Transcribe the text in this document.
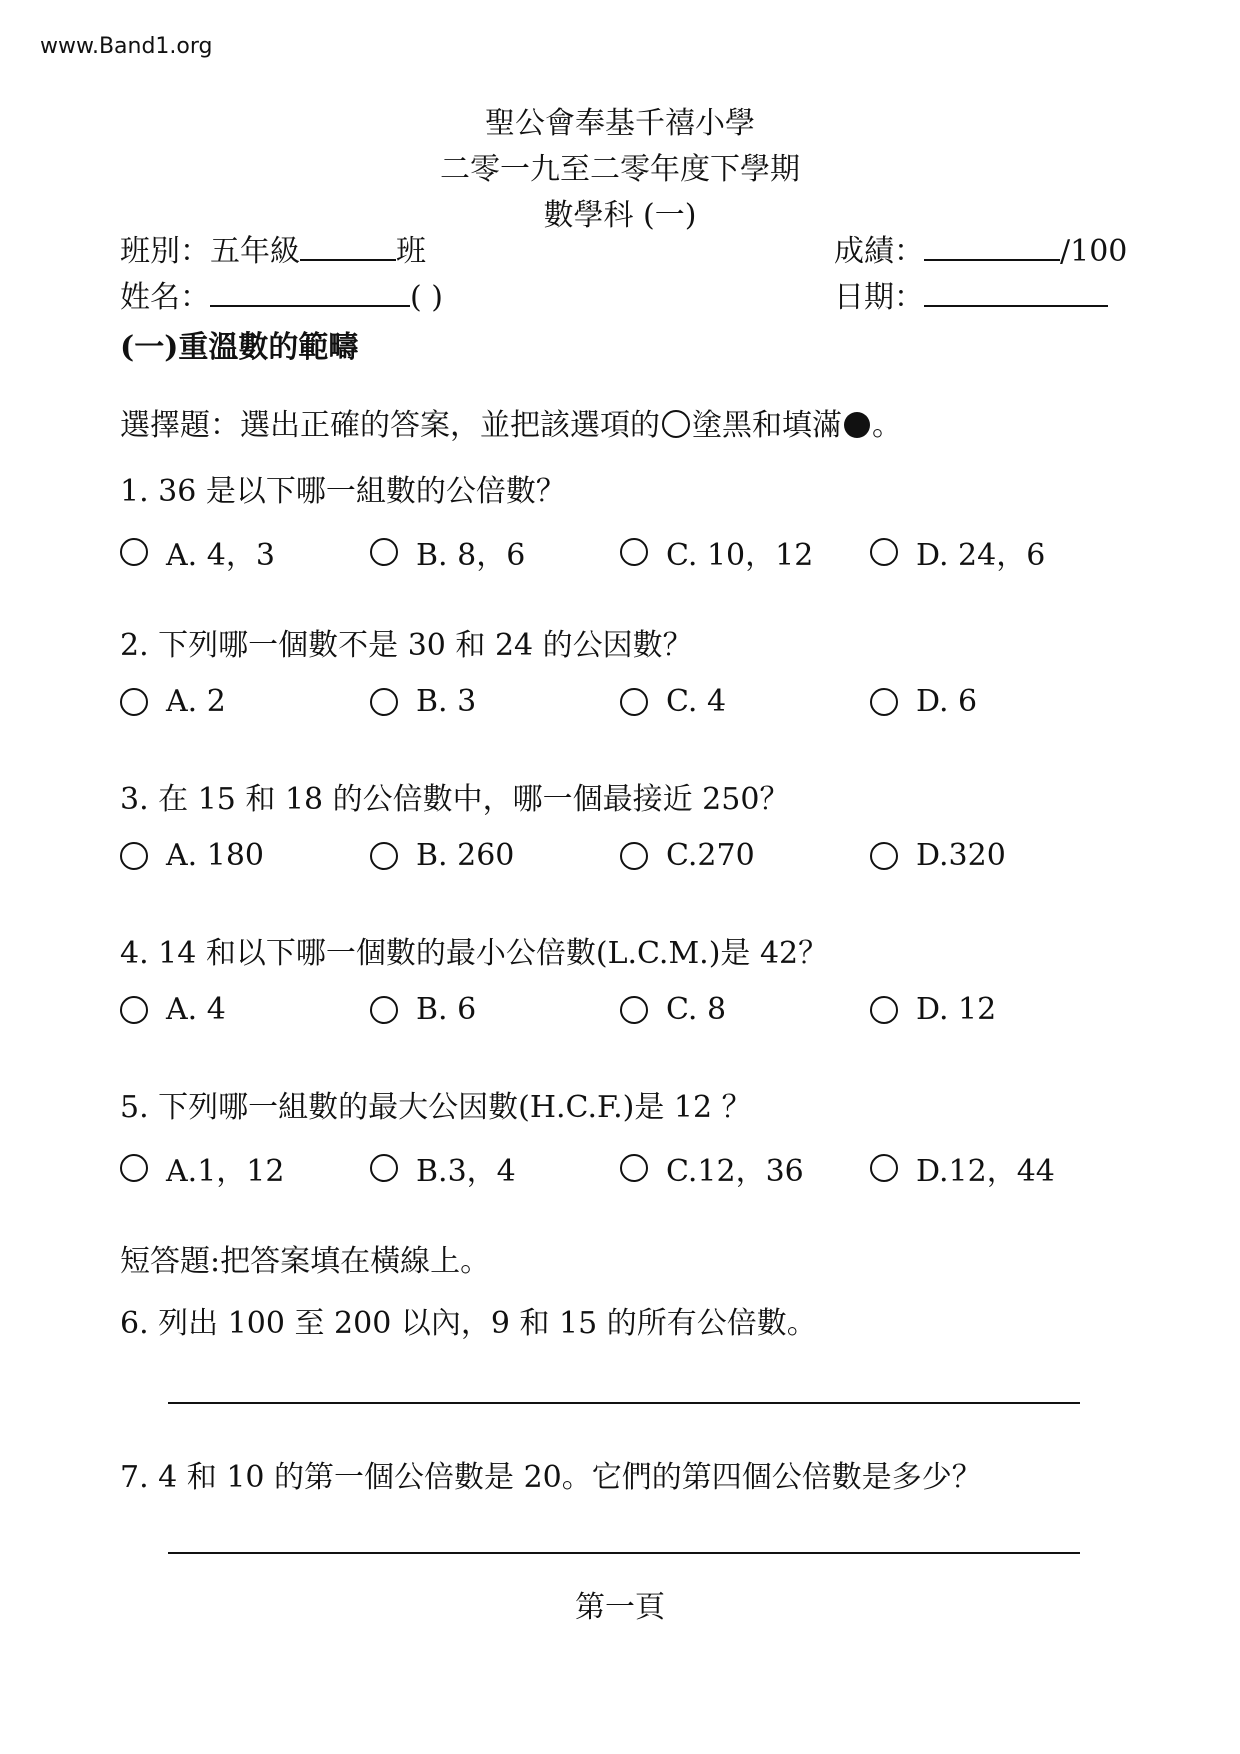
www.Band1.org
聖公會奉基千禧小學
二零一九至二零年度下學期
數學科 (一)
班別：五年級	班	成績：	/100
姓名：	( )	日期：
(一)重溫數的範疇
選擇題：選出正確的答案，並把該選項的 塗黑和填滿 。
1. 36 是以下哪一組數的公倍數？
A. 4，3	B. 8，6	C. 10，12	D. 24，6
2. 下列哪一個數不是 30 和 24 的公因數？
A. 2	B. 3	C. 4	D. 6
3. 在 15 和 18 的公倍數中，哪一個最接近 250？
A. 180	B. 260	C.270	D.320
4. 14 和以下哪一個數的最小公倍數(L.C.M.)是 42？
A. 4	B. 6	C. 8	D. 12
5. 下列哪一組數的最大公因數(H.C.F.)是 12 ？
A.1，12	B.3，4	C.12，36	D.12，44
短答題:把答案填在橫線上。
6. 列出 100 至 200 以內，9 和 15 的所有公倍數。
7. 4 和 10 的第一個公倍數是 20。它們的第四個公倍數是多少？
第一頁
